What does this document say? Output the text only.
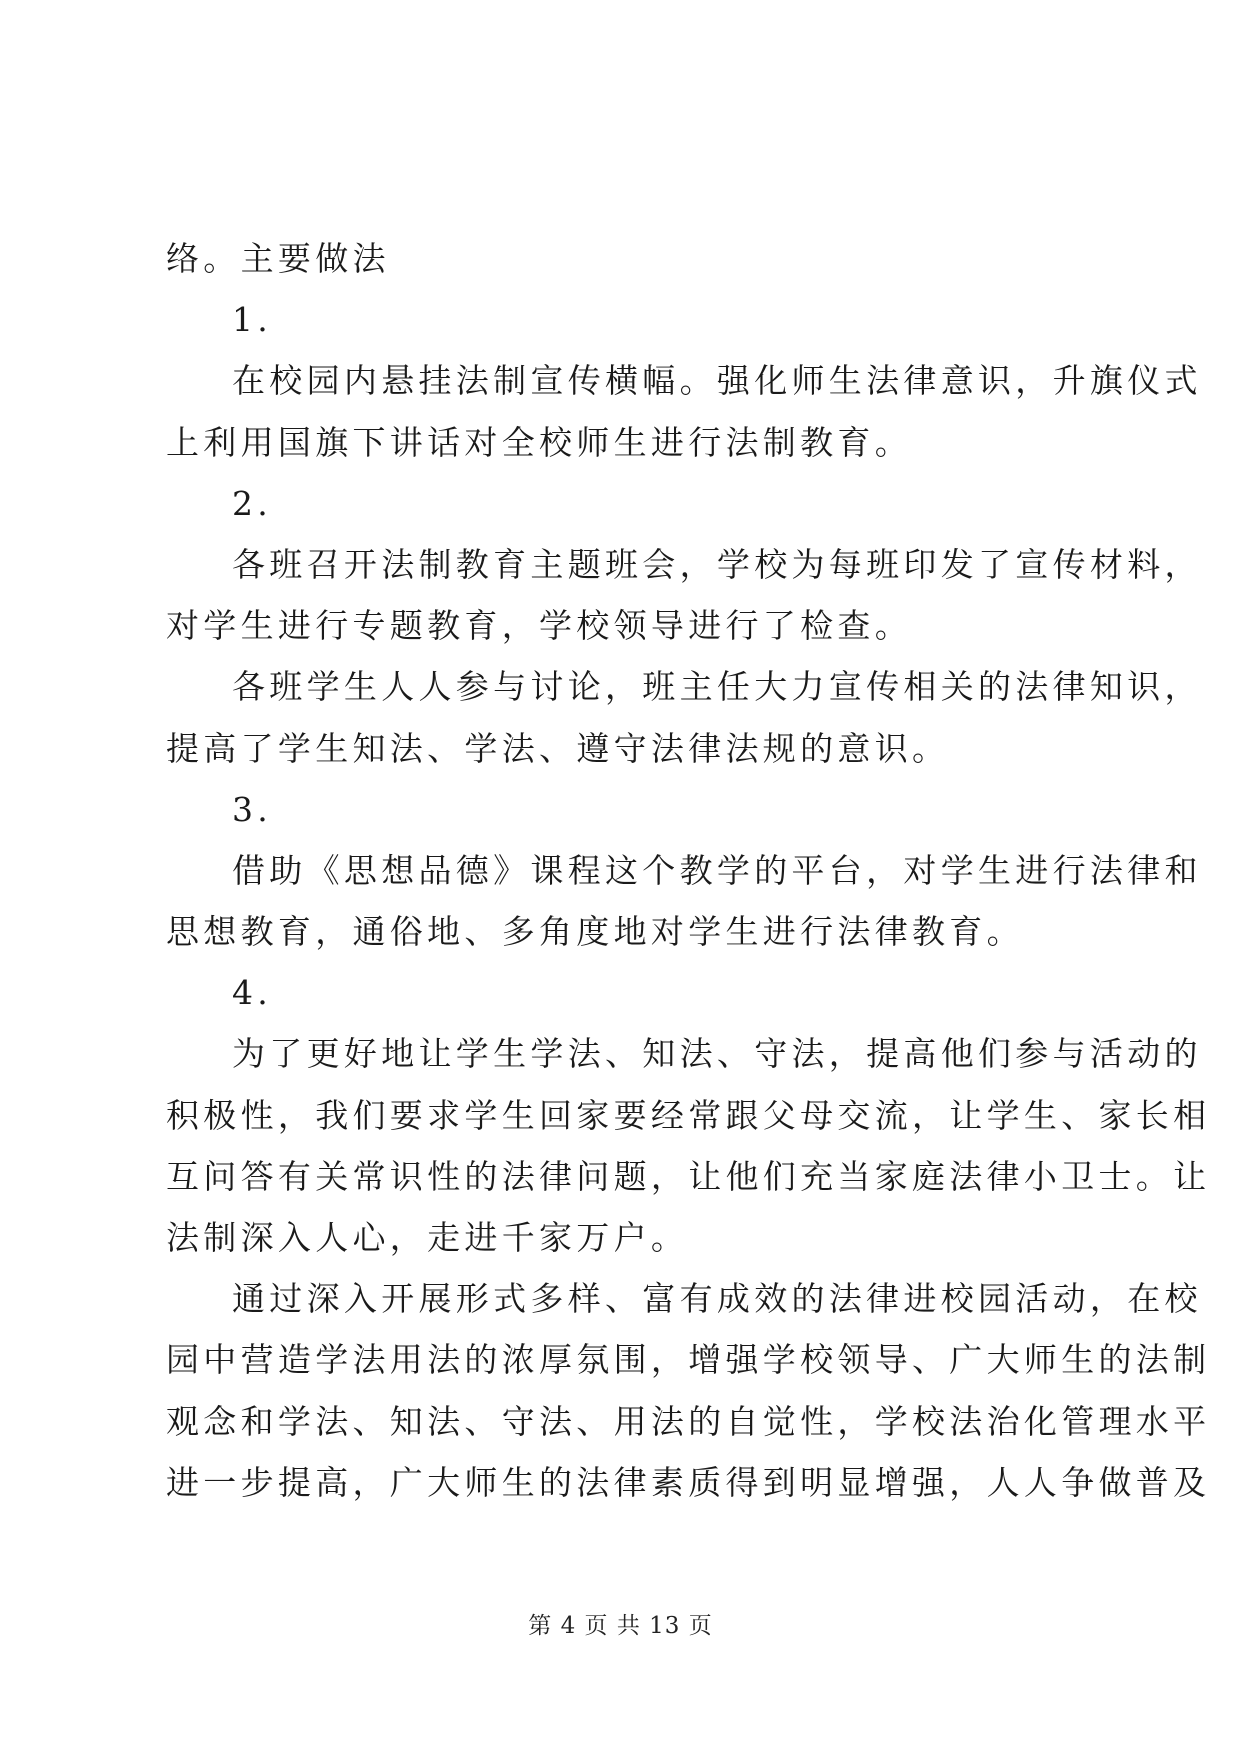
络。主要做法
1.
在校园内悬挂法制宣传横幅。强化师生法律意识，升旗仪式
上利用国旗下讲话对全校师生进行法制教育。
2.
各班召开法制教育主题班会，学校为每班印发了宣传材料，
对学生进行专题教育，学校领导进行了检查。
各班学生人人参与讨论，班主任大力宣传相关的法律知识，
提高了学生知法、学法、遵守法律法规的意识。
3.
借助《思想品德》课程这个教学的平台，对学生进行法律和
思想教育，通俗地、多角度地对学生进行法律教育。
4.
为了更好地让学生学法、知法、守法，提高他们参与活动的
积极性，我们要求学生回家要经常跟父母交流，让学生、家长相
互问答有关常识性的法律问题，让他们充当家庭法律小卫士。让
法制深入人心，走进千家万户。
通过深入开展形式多样、富有成效的法律进校园活动，在校
园中营造学法用法的浓厚氛围，增强学校领导、广大师生的法制
观念和学法、知法、守法、用法的自觉性，学校法治化管理水平
进一步提高，广大师生的法律素质得到明显增强，人人争做普及
第 4 页 共 13 页
